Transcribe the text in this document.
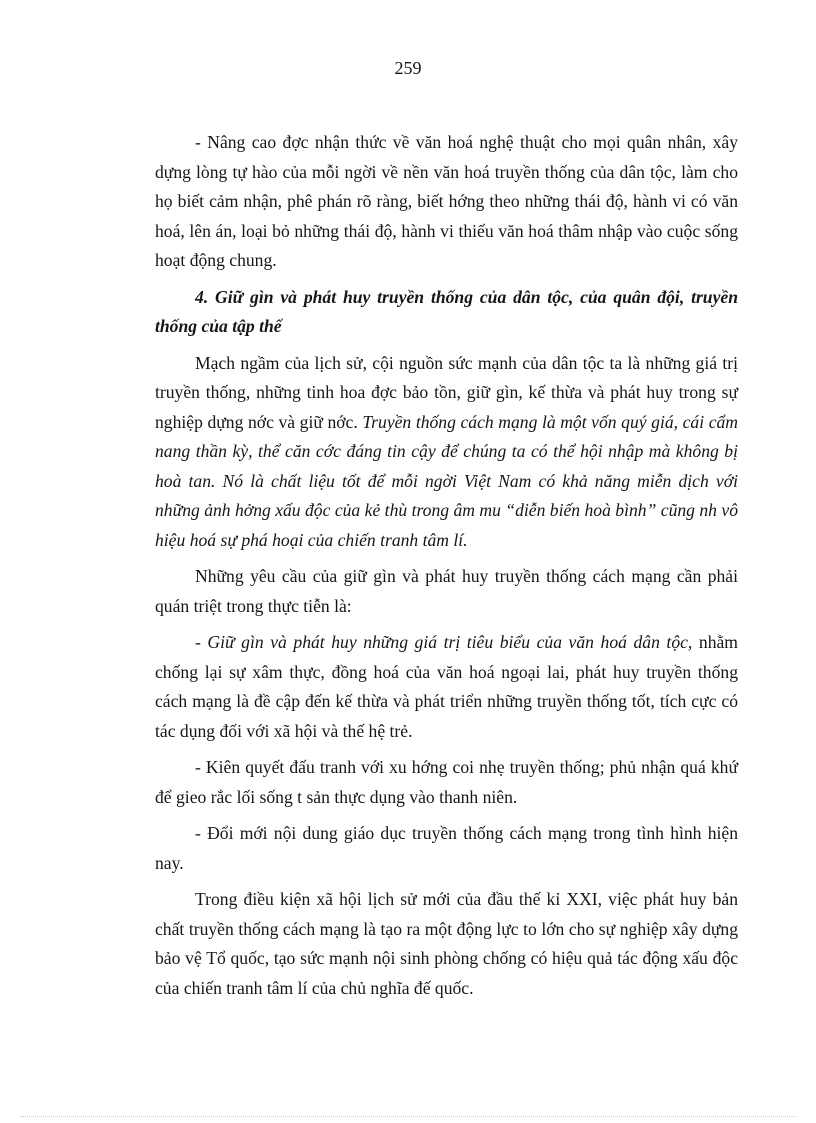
259

- Nâng cao đợc nhận thức về văn hoá nghệ thuật cho mọi quân nhân, xây dựng lòng tự hào của mỗi ngời về nền văn hoá truyền thống của dân tộc, làm cho họ biết cảm nhận, phê phán rõ ràng, biết hớng theo những thái độ, hành vi có văn hoá, lên án, loại bỏ những thái độ, hành vi thiếu văn hoá thâm nhập vào cuộc sống hoạt động chung.

4. Giữ gìn và phát huy truyền thống của dân tộc, của quân đội, truyền thống của tập thể

Mạch ngầm của lịch sử, cội nguồn sức mạnh của dân tộc ta là những giá trị truyền thống, những tinh hoa đợc bảo tồn, giữ gìn, kế thừa và phát huy trong sự nghiệp dựng nớc và giữ nớc. Truyền thống cách mạng là một vốn quý giá, cái cẩm nang thần kỳ, thể căn cớc đáng tin cậy để chúng ta có thể hội nhập mà không bị hoà tan. Nó là chất liệu tốt để mỗi ngời Việt Nam có khả năng miễn dịch với những ảnh hởng xấu độc của kẻ thù trong âm mu “diễn biến hoà bình” cũng nh vô hiệu hoá sự phá hoại của chiến tranh tâm lí.

Những yêu cầu của giữ gìn và phát huy truyền thống cách mạng cần phải quán triệt trong thực tiễn là:

- Giữ gìn và phát huy những giá trị tiêu biểu của văn hoá dân tộc, nhằm chống lại sự xâm thực, đồng hoá của văn hoá ngoại lai, phát huy truyền thống cách mạng là đề cập đến kế thừa và phát triển những truyền thống tốt, tích cực có tác dụng đối với xã hội và thế hệ trẻ.

- Kiên quyết đấu tranh với xu hớng coi nhẹ truyền thống; phủ nhận quá khứ để gieo rắc lối sống t sản thực dụng vào thanh niên.

- Đổi mới nội dung giáo dục truyền thống cách mạng trong tình hình hiện nay.

Trong điều kiện xã hội lịch sử mới của đầu thế kỉ XXI, việc phát huy bản chất truyền thống cách mạng là tạo ra một động lực to lớn cho sự nghiệp xây dựng bảo vệ Tổ quốc, tạo sức mạnh nội sinh phòng chống có hiệu quả tác động xấu độc của chiến tranh tâm lí của chủ nghĩa đế quốc.
